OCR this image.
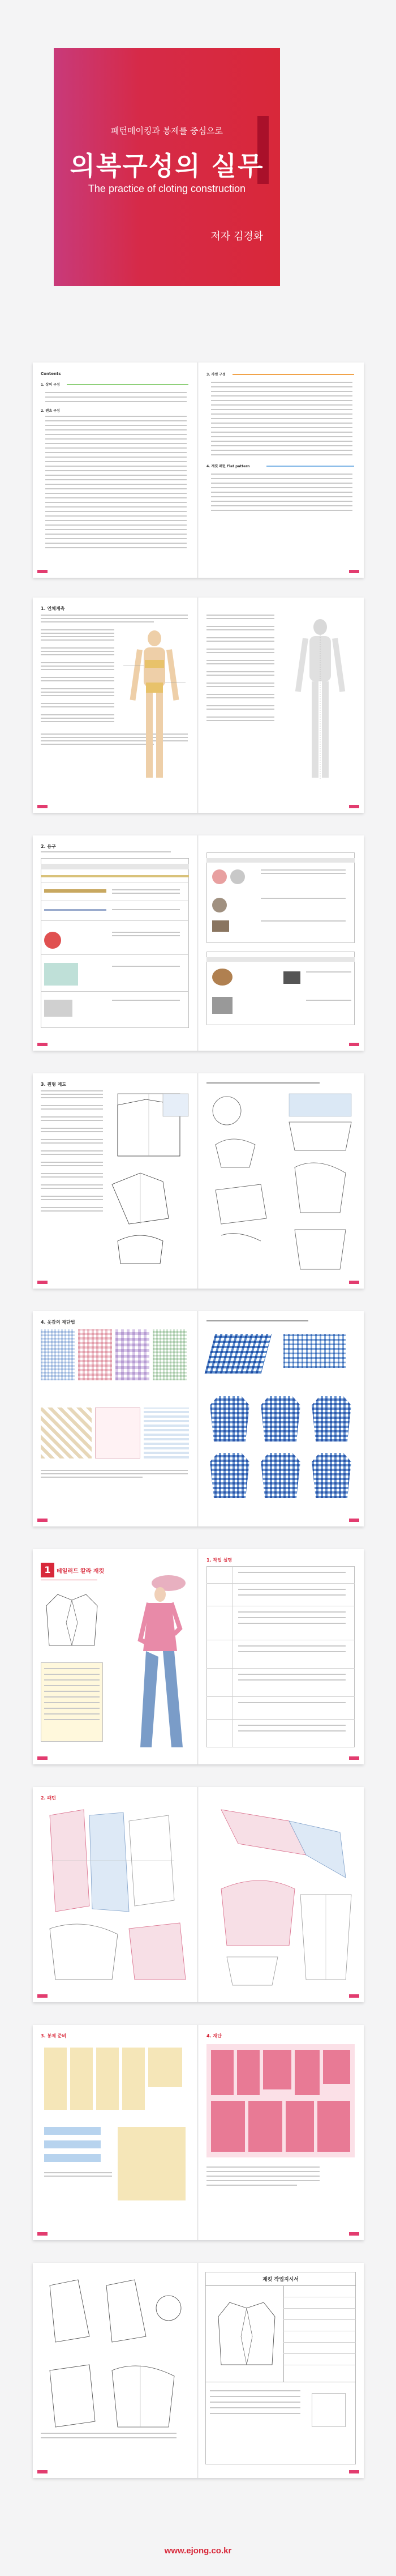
패턴메이킹과 봉제를 중심으로
의복구성의 실무
The practice of cloting construction
저자 김경화
Contents
1. 상의 구성
2. 팬츠 구성
3. 자켓 구성
4. 재킷 패턴 Flat pattern
1. 인체계측
2. 용구
3. 원형 제도
4. 옷감의 재단법
1	테일러드 칼라 재킷
1. 작업 설명
2. 패턴
3. 봉제 준비	4. 재단
재킷 작업지시서
www.ejong.co.kr
